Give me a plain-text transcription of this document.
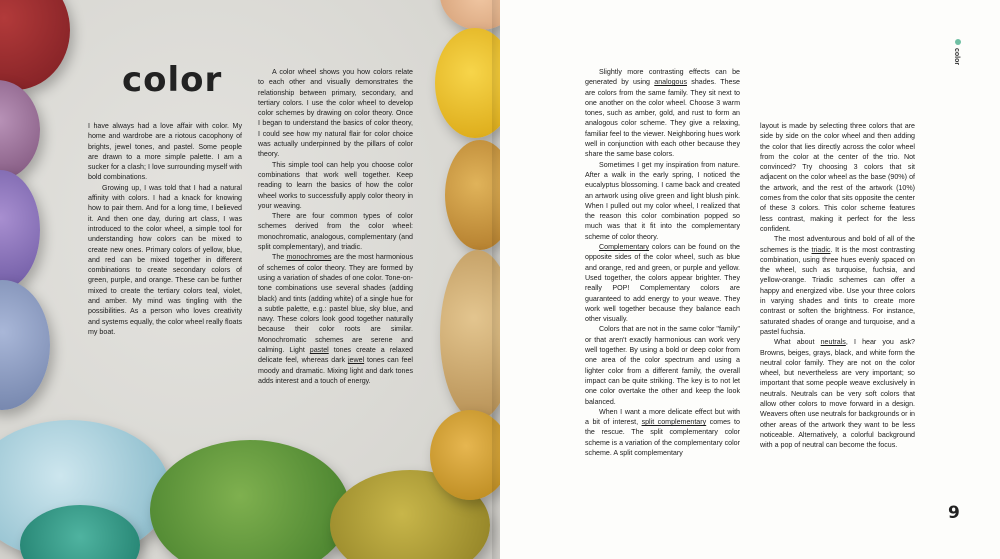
color

I have always had a love affair with color. My home and wardrobe are a riotous cacophony of brights, jewel tones, and pastel. Some people are drawn to a more simple palette. I am a sucker for a clash; I love surrounding myself with bold combinations.

Growing up, I was told that I had a natural affinity with colors. I had a knack for knowing how to pair them. And for a long time, I believed it. And then one day, during art class, I was introduced to the color wheel, a simple tool for understanding how colors can be mixed to create new ones. Primary colors of yellow, blue, and red can be mixed together in different combinations to create secondary colors of green, purple, and orange. These can be further mixed to create the tertiary colors teal, violet, and amber. My mind was tingling with the possibilities. As a person who loves creativity and systems equally, the color wheel really floats my boat.

A color wheel shows you how colors relate to each other and visually demonstrates the relationship between primary, secondary, and tertiary colors. I use the color wheel to develop color schemes by drawing on color theory. Once I began to understand the basics of color theory, I could see how my natural flair for color choice was actually underpinned by the pillars of color theory.

This simple tool can help you choose color combinations that work well together. Keep reading to learn the basics of how the color wheel works to successfully apply color theory in your weaving.

There are four common types of color schemes derived from the color wheel: monochromatic, analogous, complementary (and split complementary), and triadic.

The monochromes are the most harmonious of schemes of color theory. They are formed by using a variation of shades of one color. Tone-on-tone combinations use several shades (adding black) and tints (adding white) of a single hue for a subtle palette, e.g.: pastel blue, sky blue, and navy. These colors look good together naturally because their color roots are similar. Monochromatic schemes are serene and calming. Light pastel tones create a relaxed delicate feel, whereas dark jewel tones can feel moody and dramatic. Mixing light and dark tones adds interest and a touch of energy.

Slightly more contrasting effects can be generated by using analogous shades. These are colors from the same family. They sit next to one another on the color wheel. Choose 3 warm tones, such as amber, gold, and rust to form an analogous color scheme. They give a relaxing, familiar feel to the viewer. Neighboring hues work well in conjunction with each other because they share the same base colors.

Sometimes I get my inspiration from nature. After a walk in the early spring, I noticed the eucalyptus blossoming. I came back and created an artwork using olive green and light blush pink. When I pulled out my color wheel, I realized that the reason this color combination popped so much was that it fit into the complementary scheme of color theory.

Complementary colors can be found on the opposite sides of the color wheel, such as blue and orange, red and green, or purple and yellow. Used together, the colors appear brighter. They really POP! Complementary colors are guaranteed to add energy to your weave. They work well together because they balance each other visually.

Colors that are not in the same color "family" or that aren't exactly harmonious can work very well together. By using a bold or deep color from one area of the color spectrum and using a lighter color from a different family, the overall impact can be quite striking. The key is to not let one color overtake the other and keep the look balanced.

When I want a more delicate effect but with a bit of interest, split complementary comes to the rescue. The split complementary color scheme is a variation of the complementary color scheme. A split complementary

layout is made by selecting three colors that are side by side on the color wheel and then adding the color that lies directly across the color wheel from the color at the center of the trio. Not convinced? Try choosing 3 colors that sit adjacent on the color wheel as the base (90%) of the artwork, and the rest of the artwork (10%) comes from the color that sits opposite the center of these 3 colors. This color scheme features less contrast, making it perfect for the less confident.

The most adventurous and bold of all of the schemes is the triadic. It is the most contrasting combination, using three hues evenly spaced on the wheel, such as turquoise, fuchsia, and yellow-orange. Triadic schemes can offer a happy and energized vibe. Use your three colors in varying shades and tints to create more contrast or soften the brightness. For instance, saturated shades of orange and turquoise, and a pastel fuchsia.

What about neutrals, I hear you ask? Browns, beiges, grays, black, and white form the neutral color family. They are not on the color wheel, but nevertheless are very important; so important that some people weave exclusively in neutrals. Neutrals can be very soft colors that allow other colors to move forward in a design. Weavers often use neutrals for backgrounds or in other areas of the artwork they want to be less noticeable. Alternatively, a colorful background with a pop of neutral can become the focus.

color
9
